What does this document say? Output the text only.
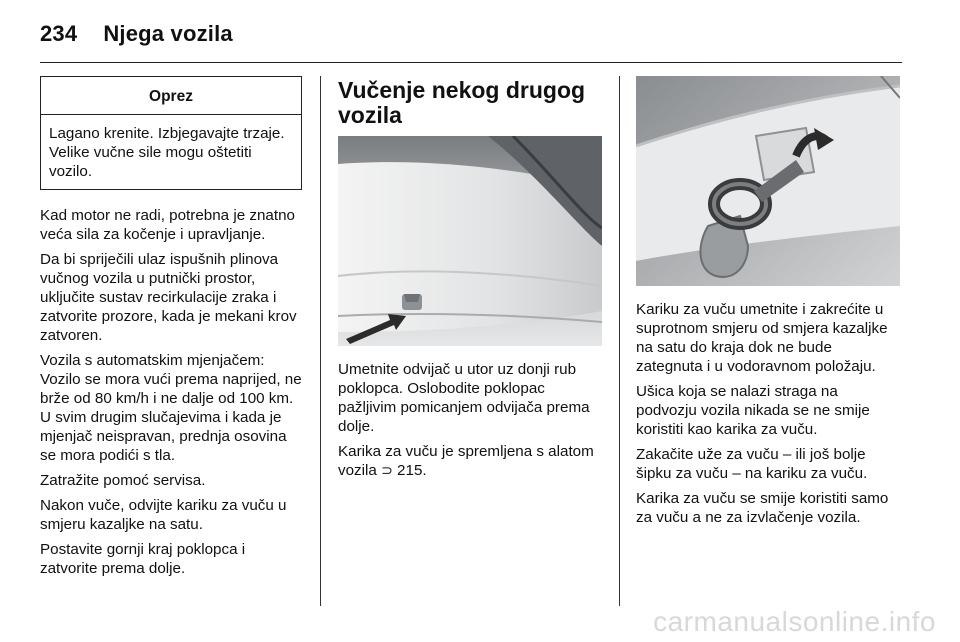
234 Njega vozila
Oprez
Lagano krenite. Izbjegavajte trzaje. Velike vučne sile mogu oštetiti vozilo.

Kad motor ne radi, potrebna je znatno veća sila za kočenje i upravljanje.

Da bi spriječili ulaz ispušnih plinova vučnog vozila u putnički prostor, uključite sustav recirkulacije zraka i zatvorite prozore, kada je mekani krov zatvoren.

Vozila s automatskim mjenjačem: Vozilo se mora vući prema naprijed, ne brže od 80 km/h i ne dalje od 100 km. U svim drugim slučajevima i kada je mjenjač neispravan, prednja osovina se mora podići s tla.

Zatražite pomoć servisa.

Nakon vuče, odvijte kariku za vuču u smjeru kazaljke na satu.

Postavite gornji kraj poklopca i zatvorite prema dolje.

Vučenje nekog drugog vozila

Umetnite odvijač u utor uz donji rub poklopca. Oslobodite poklopac pažljivim pomicanjem odvijača prema dolje.

Karika za vuču je spremljena s alatom vozila ⊃ 215.

Kariku za vuču umetnite i zakrećite u suprotnom smjeru od smjera kazaljke na satu do kraja dok ne bude zategnuta i u vodoravnom položaju.

Ušica koja se nalazi straga na podvozju vozila nikada se ne smije koristiti kao karika za vuču.

Zakačite uže za vuču – ili još bolje šipku za vuču – na kariku za vuču.

Karika za vuču se smije koristiti samo za vuču a ne za izvlačenje vozila.

carmanualsonline.info
